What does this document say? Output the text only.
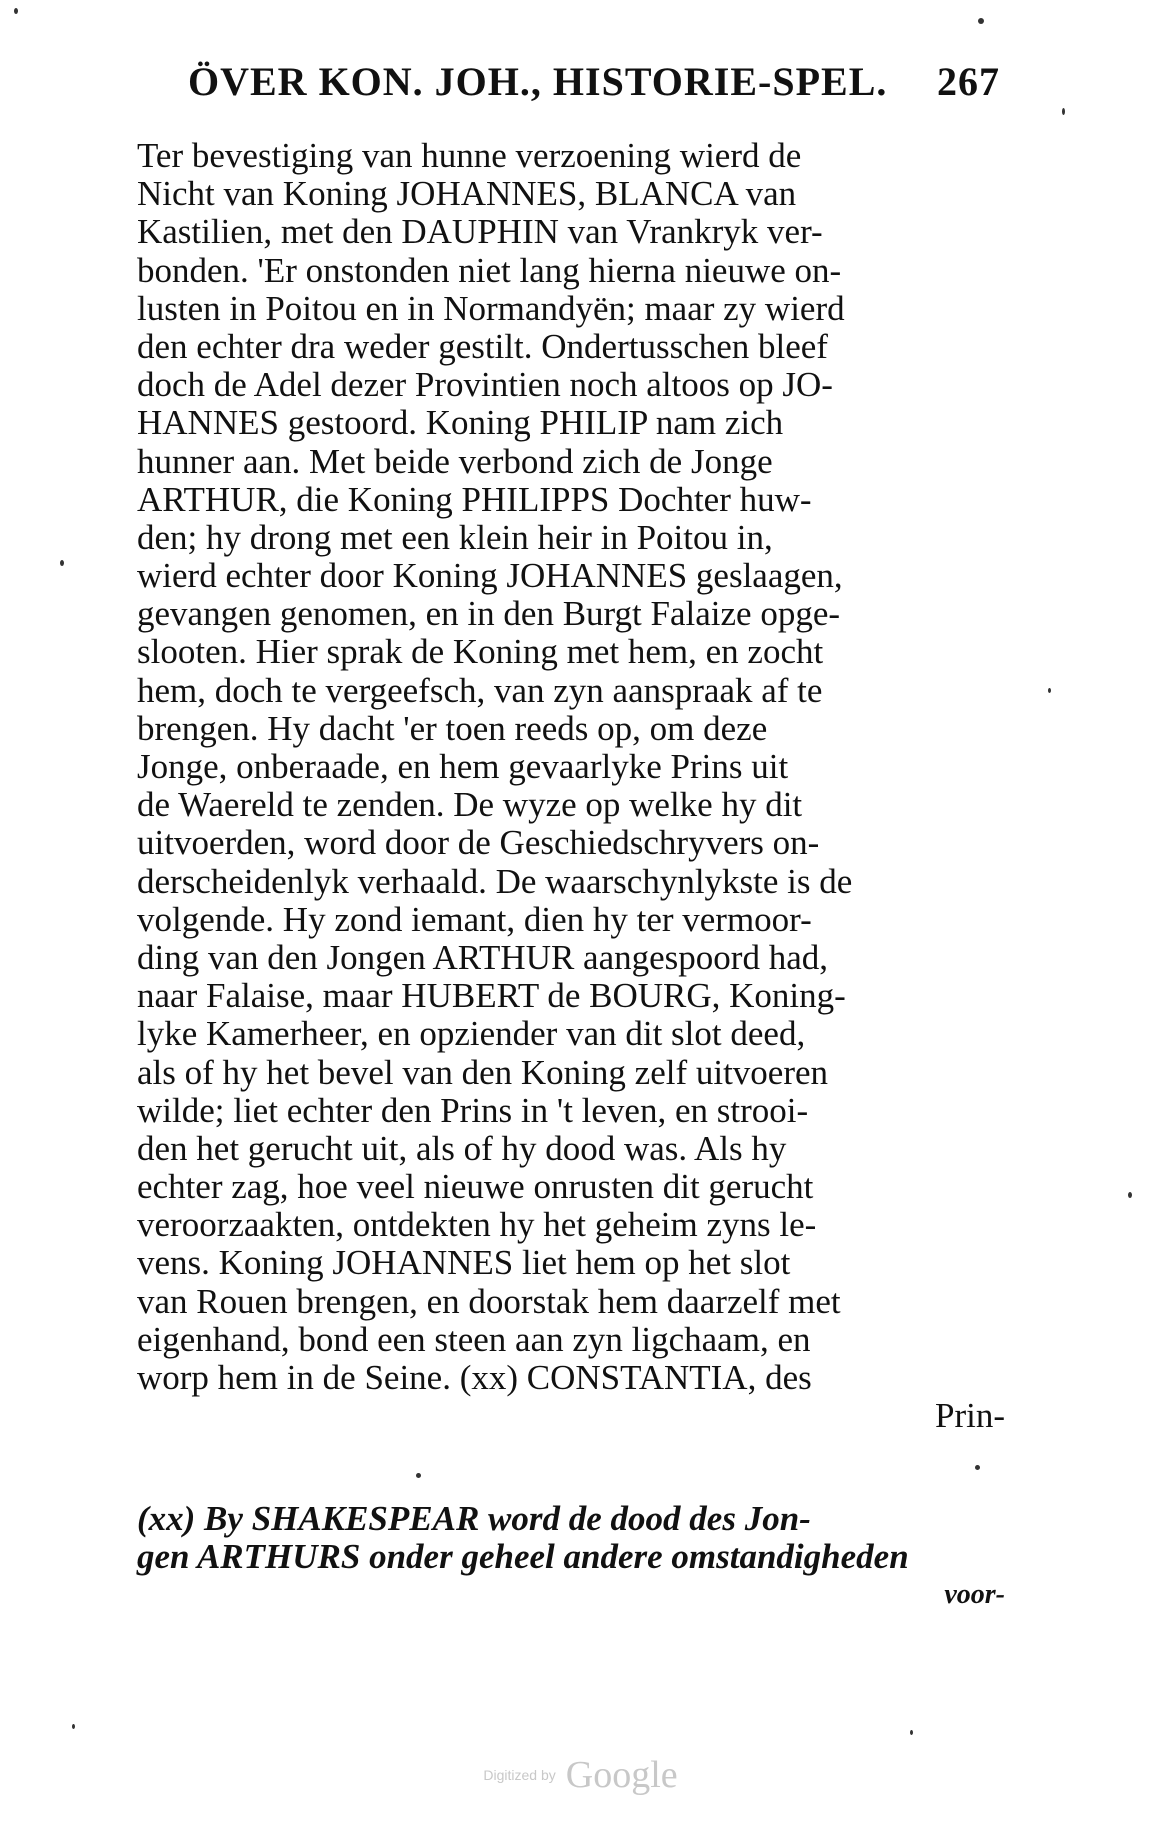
ÖVER KON. JOH., HISTORIE-SPEL. 267
Ter bevestiging van hunne verzoening wierd de
Nicht van Koning JOHANNES, BLANCA van
Kastilien, met den DAUPHIN van Vrankryk ver-
bonden. 'Er onstonden niet lang hierna nieuwe on-
lusten in Poitou en in Normandyën; maar zy wierd
den echter dra weder gestilt. Ondertusschen bleef
doch de Adel dezer Provintien noch altoos op JO-
HANNES gestoord. Koning PHILIP nam zich
hunner aan. Met beide verbond zich de Jonge
ARTHUR, die Koning PHILIPPS Dochter huw-
den; hy drong met een klein heir in Poitou in,
wierd echter door Koning JOHANNES geslaagen,
gevangen genomen, en in den Burgt Falaize opge-
slooten. Hier sprak de Koning met hem, en zocht
hem, doch te vergeefsch, van zyn aanspraak af te
brengen. Hy dacht 'er toen reeds op, om deze
Jonge, onberaade, en hem gevaarlyke Prins uit
de Waereld te zenden. De wyze op welke hy dit
uitvoerden, word door de Geschiedschryvers on-
derscheidenlyk verhaald. De waarschynlykste is de
volgende. Hy zond iemant, dien hy ter vermoor-
ding van den Jongen ARTHUR aangespoord had,
naar Falaise, maar HUBERT de BOURG, Koning-
lyke Kamerheer, en opziender van dit slot deed,
als of hy het bevel van den Koning zelf uitvoeren
wilde; liet echter den Prins in 't leven, en strooi-
den het gerucht uit, als of hy dood was. Als hy
echter zag, hoe veel nieuwe onrusten dit gerucht
veroorzaakten, ontdekten hy het geheim zyns le-
vens. Koning JOHANNES liet hem op het slot
van Rouen brengen, en doorstak hem daarzelf met
eigenhand, bond een steen aan zyn ligchaam, en
worp hem in de Seine. (xx) CONSTANTIA, des
Prin-
(xx) By SHAKESPEAR word de dood des Jon-
gen ARTHURS onder geheel andere omstandigheden
voor-
Digitized by Google
